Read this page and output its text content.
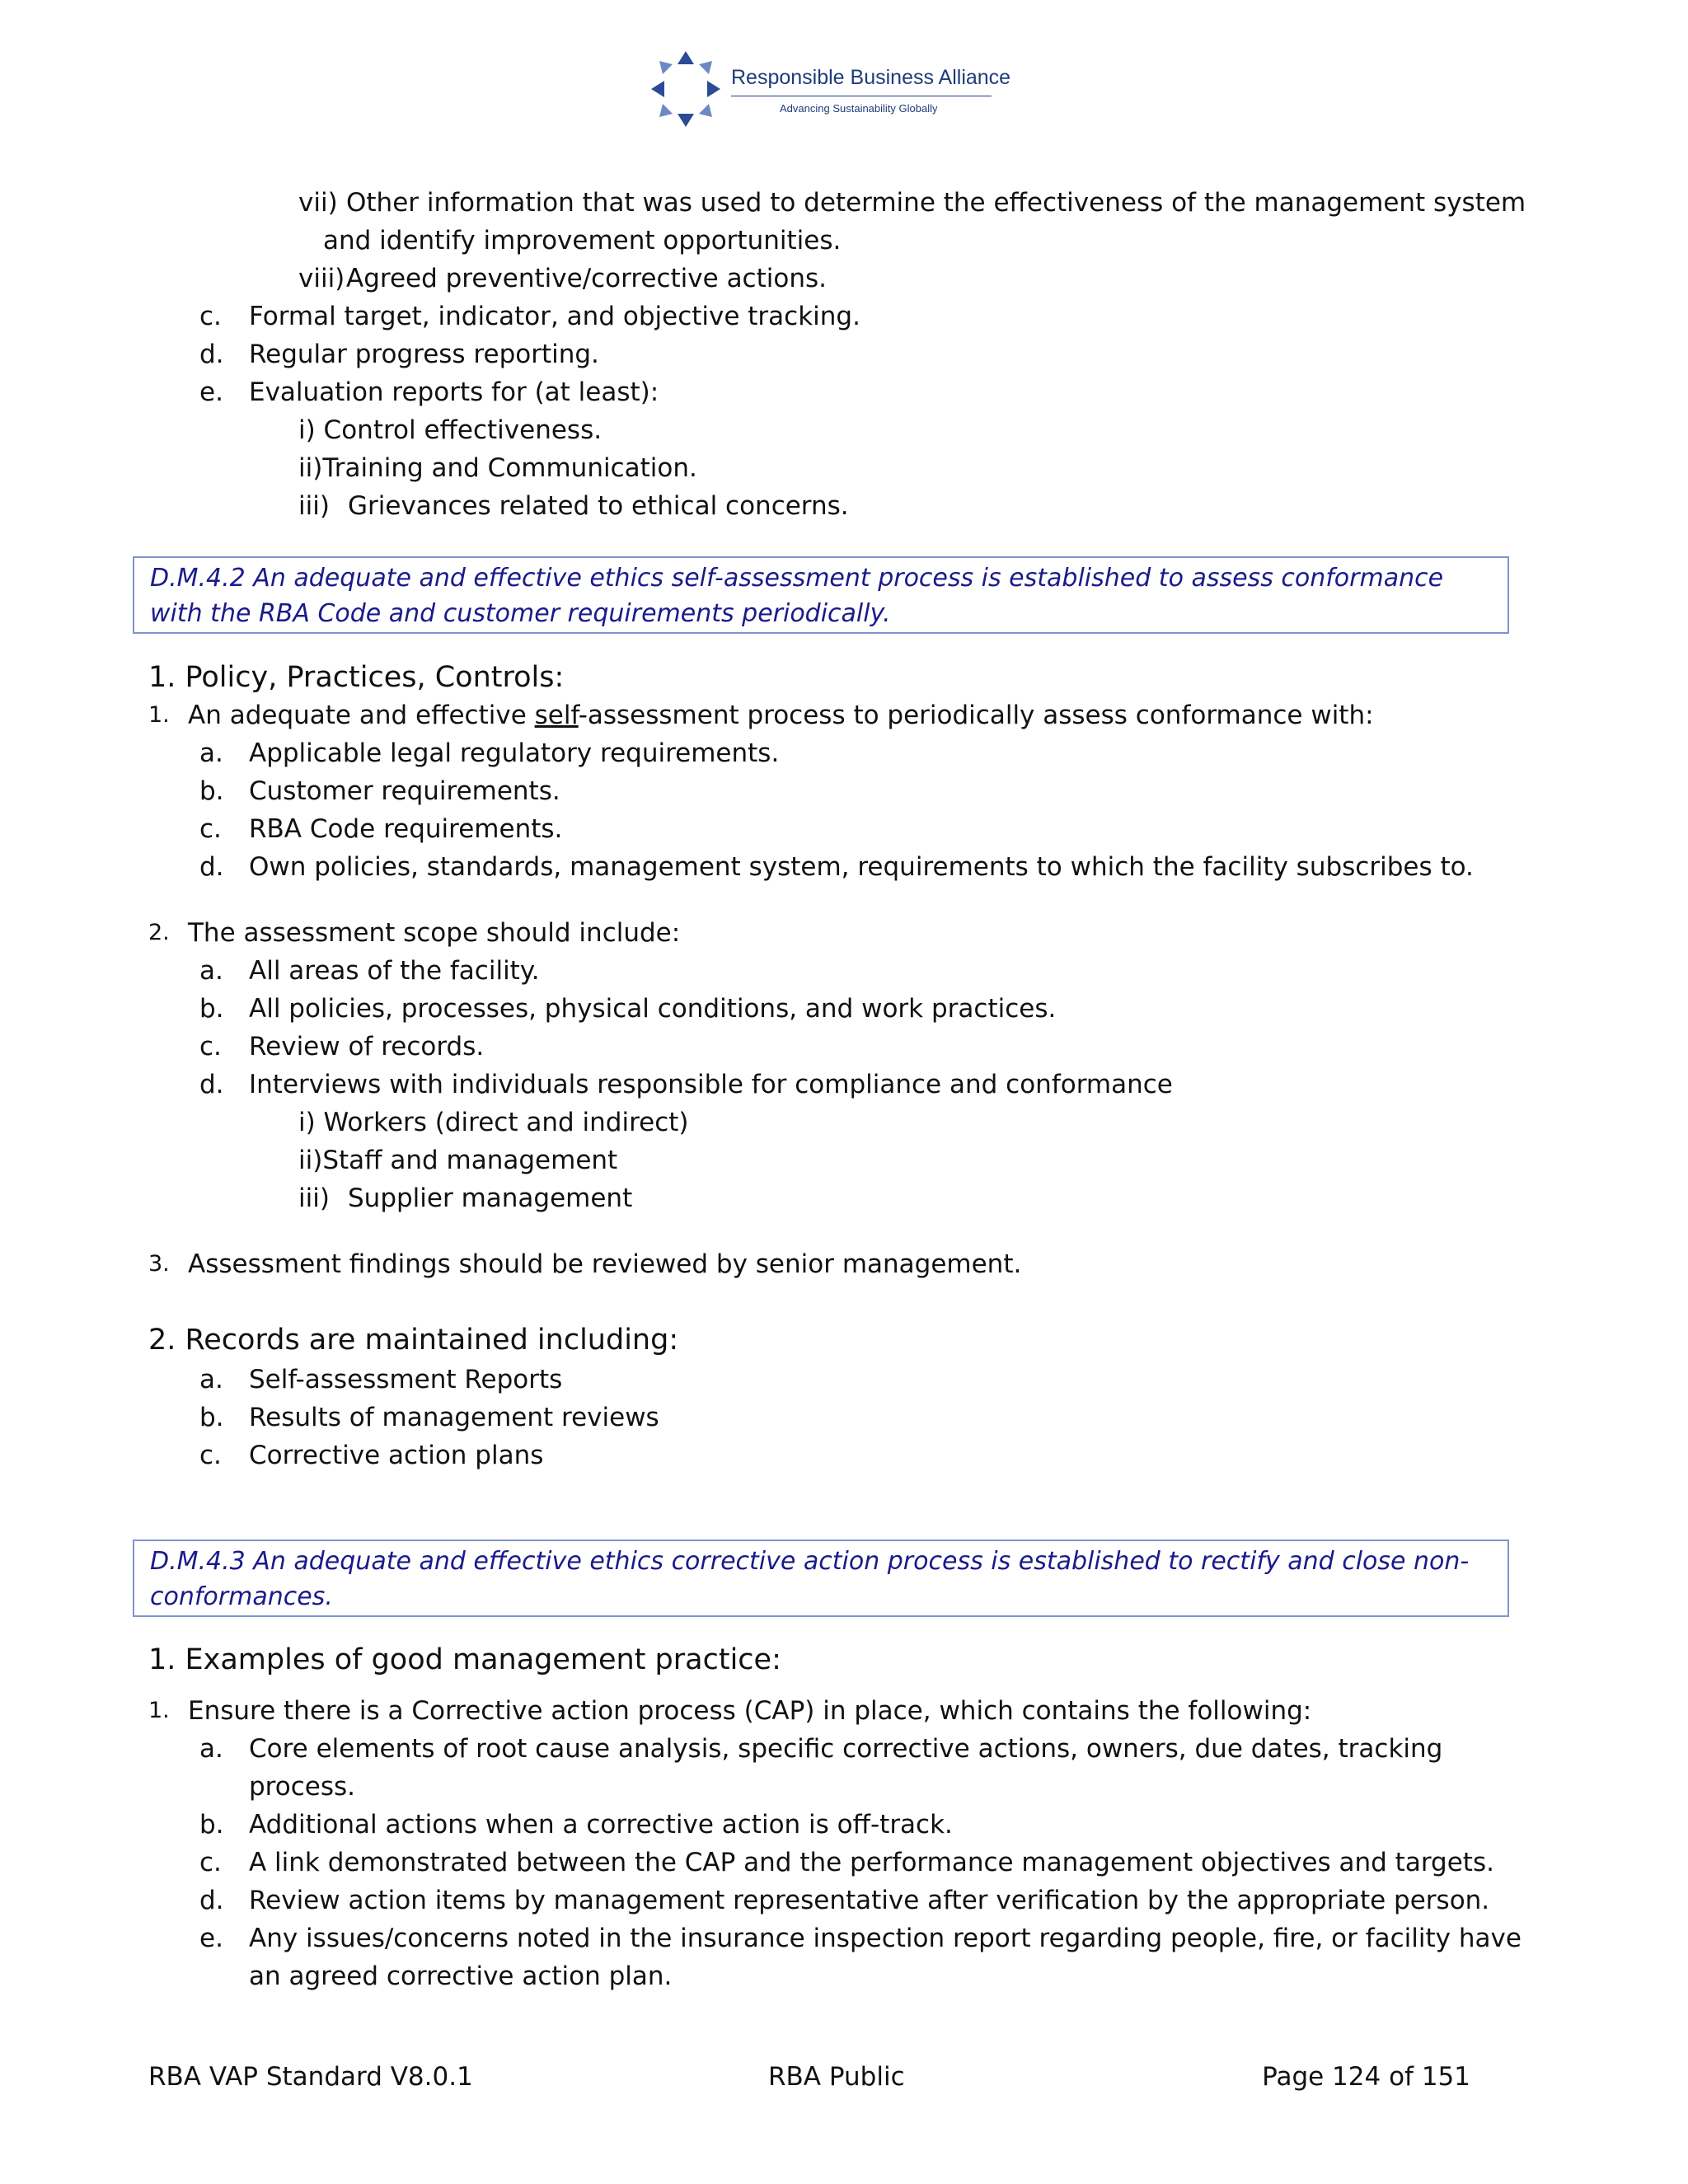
Responsible Business Alliance
Advancing Sustainability Globally
vii) Other information that was used to determine the effectiveness of the management system
and identify improvement opportunities.
viii) Agreed preventive/corrective actions.
c. Formal target, indicator, and objective tracking.
d. Regular progress reporting.
e. Evaluation reports for (at least):
i) Control effectiveness.
ii)Training and Communication.
iii) Grievances related to ethical concerns.
D.M.4.2 An adequate and effective ethics self-assessment process is established to assess conformance
with the RBA Code and customer requirements periodically.
1. Policy, Practices, Controls:
1. An adequate and effective self-assessment process to periodically assess conformance with:
a. Applicable legal regulatory requirements.
b. Customer requirements.
c. RBA Code requirements.
d. Own policies, standards, management system, requirements to which the facility subscribes to.
2. The assessment scope should include:
a. All areas of the facility.
b. All policies, processes, physical conditions, and work practices.
c. Review of records.
d. Interviews with individuals responsible for compliance and conformance
i) Workers (direct and indirect)
ii)Staff and management
iii) Supplier management
3. Assessment findings should be reviewed by senior management.
2. Records are maintained including:
a. Self-assessment Reports
b. Results of management reviews
c. Corrective action plans
D.M.4.3 An adequate and effective ethics corrective action process is established to rectify and close non-
conformances.
1. Examples of good management practice:
1. Ensure there is a Corrective action process (CAP) in place, which contains the following:
a. Core elements of root cause analysis, specific corrective actions, owners, due dates, tracking
process.
b. Additional actions when a corrective action is off-track.
c. A link demonstrated between the CAP and the performance management objectives and targets.
d. Review action items by management representative after verification by the appropriate person.
e. Any issues/concerns noted in the insurance inspection report regarding people, fire, or facility have
an agreed corrective action plan.
RBA VAP Standard V8.0.1	RBA Public	Page 124 of 151
